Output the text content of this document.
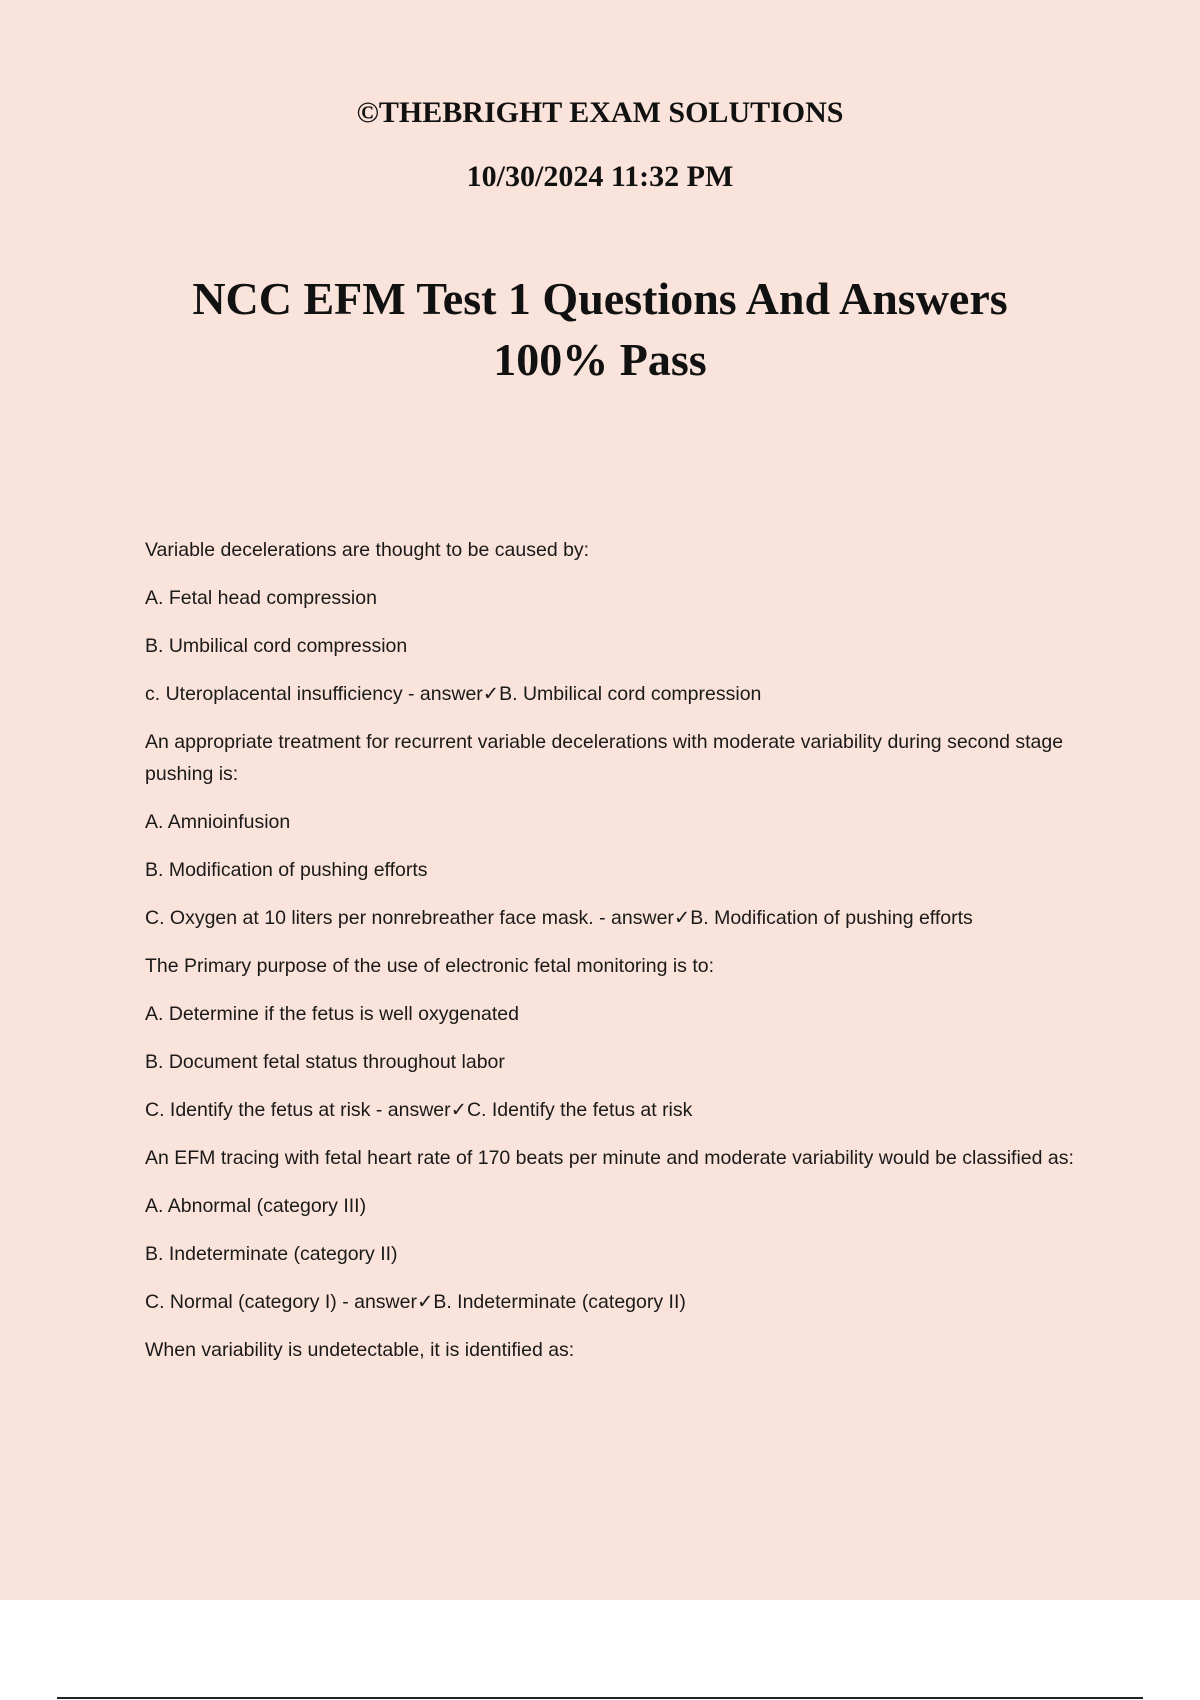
©THEBRIGHT EXAM SOLUTIONS
10/30/2024 11:32 PM
NCC EFM Test 1 Questions And Answers
100% Pass

Variable decelerations are thought to be caused by:

A. Fetal head compression

B. Umbilical cord compression

c. Uteroplacental insufficiency - answer✓B. Umbilical cord compression

An appropriate treatment for recurrent variable decelerations with moderate variability during second stage pushing is:

A. Amnioinfusion

B. Modification of pushing efforts

C. Oxygen at 10 liters per nonrebreather face mask. - answer✓B. Modification of pushing efforts

The Primary purpose of the use of electronic fetal monitoring is to:

A. Determine if the fetus is well oxygenated

B. Document fetal status throughout labor

C. Identify the fetus at risk - answer✓C. Identify the fetus at risk

An EFM tracing with fetal heart rate of 170 beats per minute and moderate variability would be classified as:

A. Abnormal (category III)

B. Indeterminate (category II)

C. Normal (category I) - answer✓B. Indeterminate (category II)

When variability is undetectable, it is identified as:
